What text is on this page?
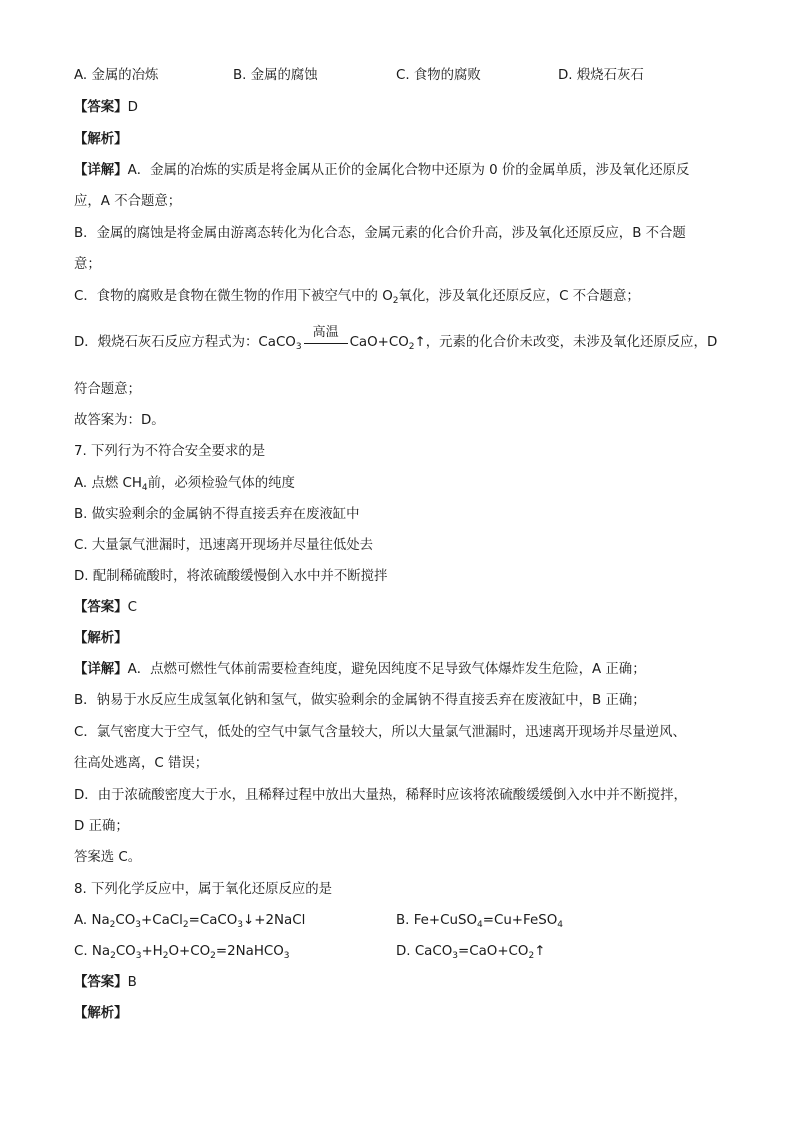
A. 金属的冶炼	B. 金属的腐蚀	C. 食物的腐败	D. 煅烧石灰石
【答案】D
【解析】
【详解】A．金属的冶炼的实质是将金属从正价的金属化合物中还原为 0 价的金属单质，涉及氧化还原反
应，A 不合题意；
B．金属的腐蚀是将金属由游离态转化为化合态，金属元素的化合价升高，涉及氧化还原反应，B 不合题
意；
C．食物的腐败是食物在微生物的作用下被空气中的 $O_2$氧化，涉及氧化还原反应，C 不合题意；
D．煅烧石灰石反应方程式为：CaCO$_3$
高温
$CaO+CO_2↑$，元素的化合价未改变，未涉及氧化还原反应，D
符合题意；
故答案为：D。
7. 下列行为不符合安全要求的是
A. 点燃 $CH_4$前，必须检验气体的纯度
B. 做实验剩余的金属钠不得直接丢弃在废液缸中
C. 大量氯气泄漏时，迅速离开现场并尽量往低处去
D. 配制稀硫酸时，将浓硫酸缓慢倒入水中并不断搅拌
【答案】C
【解析】
【详解】A．点燃可燃性气体前需要检查纯度，避免因纯度不足导致气体爆炸发生危险，A 正确；
B．钠易于水反应生成氢氧化钠和氢气，做实验剩余的金属钠不得直接丢弃在废液缸中，B 正确；
C．氯气密度大于空气，低处的空气中氯气含量较大，所以大量氯气泄漏时，迅速离开现场并尽量逆风、
往高处逃离，C 错误；
D．由于浓硫酸密度大于水，且稀释过程中放出大量热，稀释时应该将浓硫酸缓缓倒入水中并不断搅拌，
D 正确；
答案选 C。
8. 下列化学反应中，属于氧化还原反应的是
A. $Na_2CO_3+CaCl_2=CaCO_3↓+2NaCl$	B. Fe+CuSO$_4$=Cu+FeSO$_4$
C. $Na_2CO_3+H_2O+CO_2=2NaHCO_3$	D. $CaCO_3=CaO+CO_2↑$
【答案】B
【解析】
